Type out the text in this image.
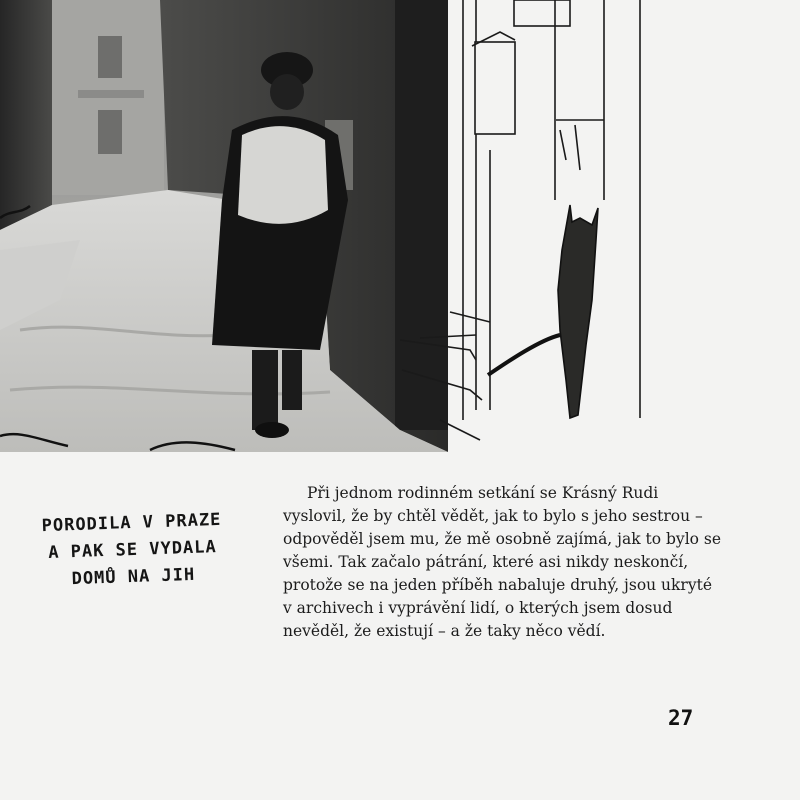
PORODILA V PRAZE
A PAK SE VYDALA
DOMŮ NA JIH

Při jednom rodinném setkání se Krásný Rudi vyslovil, že by chtěl vědět, jak to bylo s jeho sestrou – odpověděl jsem mu, že mě osobně zajímá, jak to bylo se všemi. Tak začalo pátrání, které asi nikdy neskončí, protože se na jeden příběh nabaluje druhý, jsou ukryté v archivech i vyprávění lidí, o kterých jsem dosud nevěděl, že existují – a že taky něco vědí.

27
